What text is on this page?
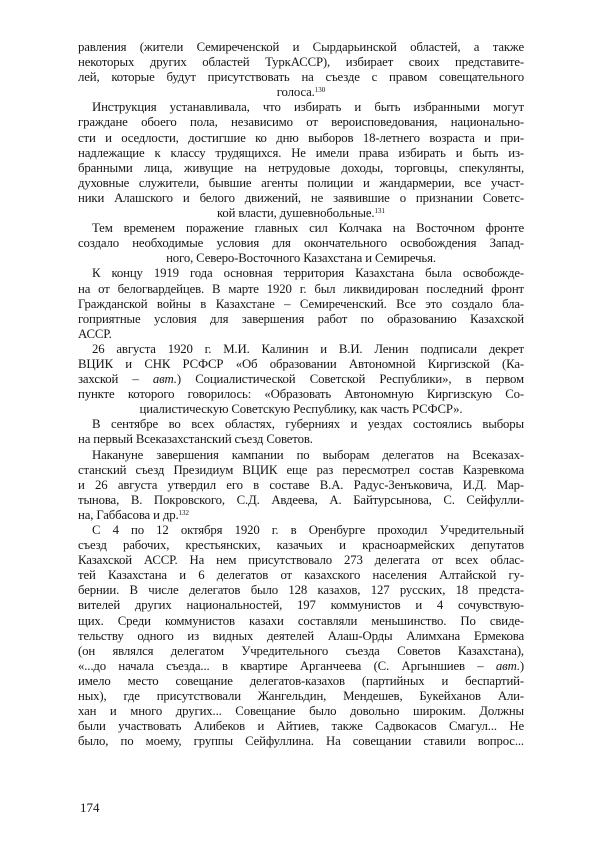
равления (жители Семиреченской и Сырдарьинской областей, а также
некоторых других областей ТуркАССР), избирает своих представите-
лей, которые будут присутствовать на съезде с правом совещательного
голоса.$^{130}$
Инструкция устанавливала, что избирать и быть избранными могут
граждане обоего пола, независимо от вероисповедования, национально-
сти и оседлости, достигшие ко дню выборов 18-летнего возраста и при-
надлежащие к классу трудящихся. Не имели права избирать и быть из-
бранными лица, живущие на нетрудовые доходы, торговцы, спекулянты,
духовные служители, бывшие агенты полиции и жандармерии, все участ-
ники Алашского и белого движений, не заявившие о признании Советс-
кой власти, душевнобольные.$^{131}$
Тем временем поражение главных сил Колчака на Восточном фронте
создало необходимые условия для окончательного освобождения Запад-
ного, Северо-Восточного Казахстана и Семиречья.
К концу 1919 года основная территория Казахстана была освобожде-
на от белогвардейцев. В марте 1920 г. был ликвидирован последний фронт
Гражданской войны в Казахстане – Семиреченский. Все это создало бла-
гоприятные условия для завершения работ по образованию Казахской
АССР.
26 августа 1920 г. М.И. Калинин и В.И. Ленин подписали декрет
ВЦИК и СНК РСФСР «Об образовании Автономной Киргизской (Ка-
захской – авт.) Социалистической Советской Республики», в первом
пункте которого говорилось: «Образовать Автономную Киргизскую Со-
циалистическую Советскую Республику, как часть РСФСР».
В сентябре во всех областях, губерниях и уездах состоялись выборы
на первый Всеказахстанский съезд Советов.
Накануне завершения кампании по выборам делегатов на Всеказах-
станский съезд Президиум ВЦИК еще раз пересмотрел состав Казревкома
и 26 августа утвердил его в составе В.А. Радус-Зенъковича, И.Д. Мар-
тынова, В. Покровского, С.Д. Авдеева, А. Байтурсынова, С. Сейфулли-
на, Габбасова и др.$^{132}$
С 4 по 12 октября 1920 г. в Оренбурге проходил Учредительный
съезд рабочих, крестьянских, казачьих и красноармейских депутатов
Казахской АССР. На нем присутствовало 273 делегата от всех облас-
тей Казахстана и 6 делегатов от казахского населения Алтайской гу-
бернии. В числе делегатов было 128 казахов, 127 русских, 18 предста-
вителей других национальностей, 197 коммунистов и 4 сочувствую-
щих. Среди коммунистов казахи составляли меньшинство. По свиде-
тельству одного из видных деятелей Алаш-Орды Алимхана Ермекова
(он являлся делегатом Учредительного съезда Советов Казахстана),
«...до начала съезда... в квартире Арганчеева (С. Аргыншиев – авт.)
имело место совещание делегатов-казахов (партийных и беспартий-
ных), где присутствовали Жангельдин, Мендешев, Букейханов Али-
хан и много других... Совещание было довольно широким. Должны
были участвовать Алибеков и Айтиев, также Садвокасов Смагул... Не
было, по моему, группы Сейфуллина. На совещании ставили вопрос...
174
